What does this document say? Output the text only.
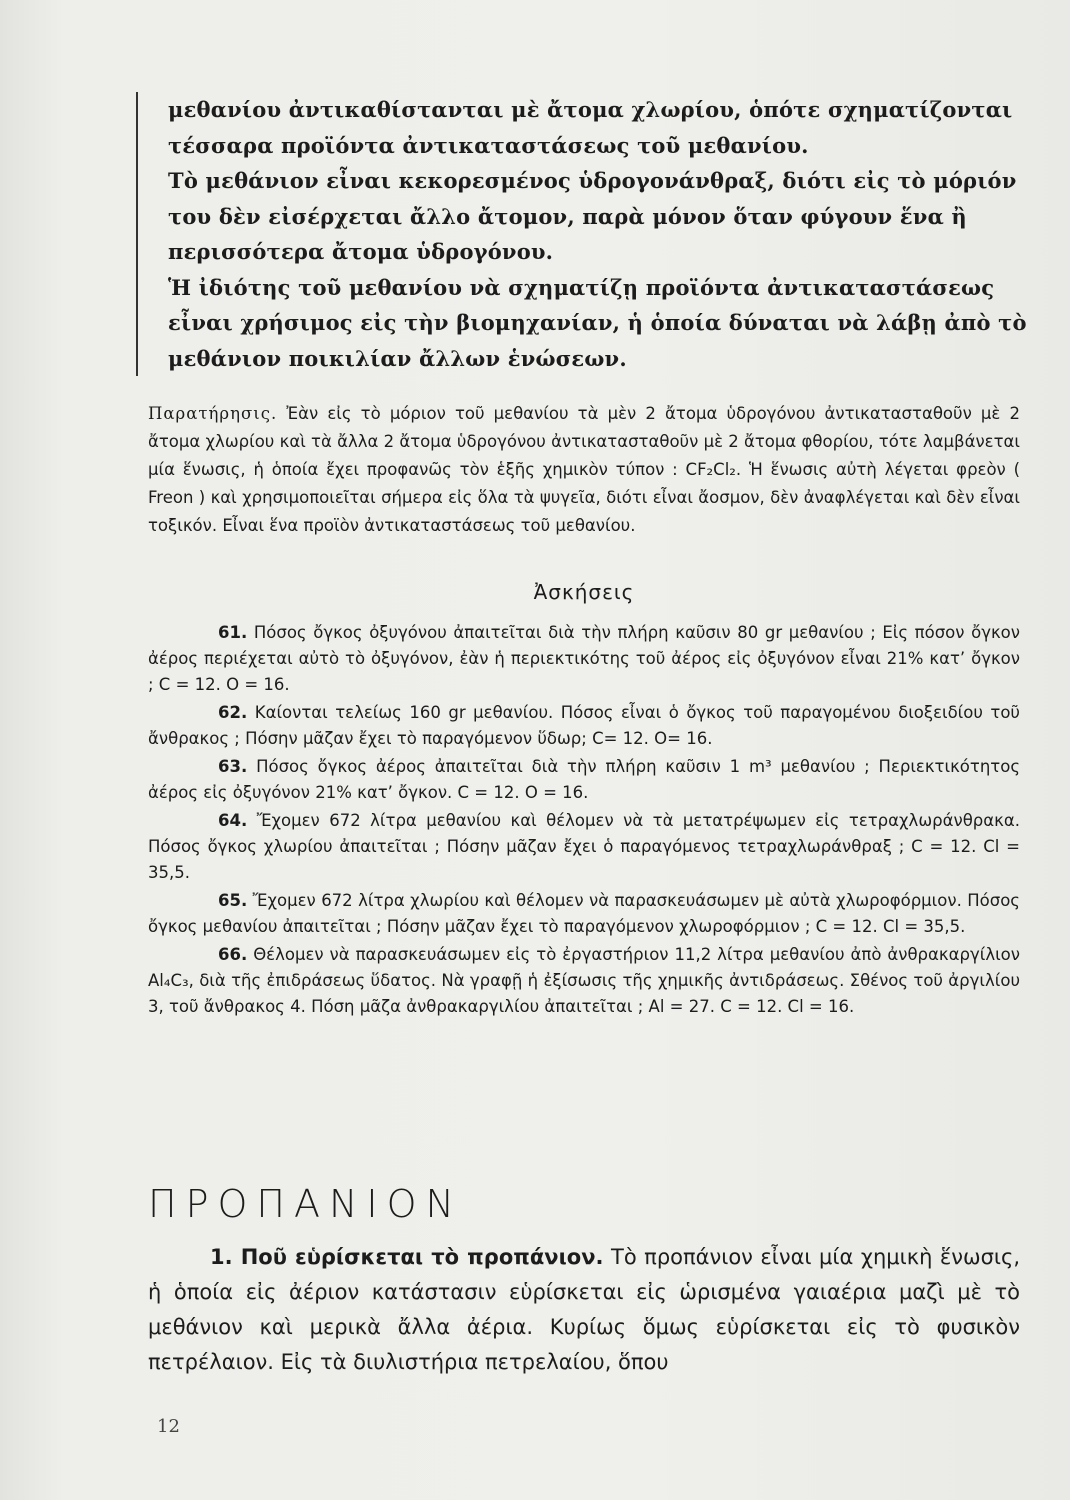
μεθανίου ἀντικαθίστανται μὲ ἄτομα χλωρίου, ὁπότε σχηματίζονται τέσσαρα προϊόντα ἀντικαταστάσεως τοῦ μεθανίου.

Τὸ μεθάνιον εἶναι κεκορεσμένος ὑδρογονάνθραξ, διότι εἰς τὸ μόριόν του δὲν εἰσέρχεται ἄλλο ἄτομον, παρὰ μόνον ὅταν φύγουν ἕνα ἢ περισσότερα ἄτομα ὑδρογόνου.

Ἡ ἰδιότης τοῦ μεθανίου νὰ σχηματίζῃ προϊόντα ἀντικαταστάσεως εἶναι χρήσιμος εἰς τὴν βιομηχανίαν, ἡ ὁποία δύναται νὰ λάβῃ ἀπὸ τὸ μεθάνιον ποικιλίαν ἄλλων ἑνώσεων.

Παρατήρησις. Ἐὰν εἰς τὸ μόριον τοῦ μεθανίου τὰ μὲν 2 ἄτομα ὑδρογόνου ἀντικατασταθοῦν μὲ 2 ἄτομα χλωρίου καὶ τὰ ἄλλα 2 ἄτομα ὑδρογόνου ἀντικατασταθοῦν μὲ 2 ἄτομα φθορίου, τότε λαμβάνεται μία ἕνωσις, ἡ ὁποία ἔχει προφανῶς τὸν ἑξῆς χημικὸν τύπον : CF₂Cl₂. Ἡ ἕνωσις αὐτὴ λέγεται φρεὸν ( Freon ) καὶ χρησιμοποιεῖται σήμερα εἰς ὅλα τὰ ψυγεῖα, διότι εἶναι ἄοσμον, δὲν ἀναφλέγεται καὶ δὲν εἶναι τοξικόν. Εἶναι ἕνα προϊὸν ἀντικαταστάσεως τοῦ μεθανίου.
Ἀσκήσεις

61. Πόσος ὄγκος ὀξυγόνου ἀπαιτεῖται διὰ τὴν πλήρη καῦσιν 80 gr μεθανίου ; Εἰς πόσον ὄγκον ἀέρος περιέχεται αὐτὸ τὸ ὀξυγόνον, ἐὰν ἡ περιεκτικότης τοῦ ἀέρος εἰς ὀξυγόνον εἶναι 21% κατ’ ὄγκον ; C = 12. O = 16.

62. Καίονται τελείως 160 gr μεθανίου. Πόσος εἶναι ὁ ὄγκος τοῦ παραγομένου διοξειδίου τοῦ ἄνθρακος ; Πόσην μᾶζαν ἔχει τὸ παραγόμενον ὕδωρ; C= 12. O= 16.

63. Πόσος ὄγκος ἀέρος ἀπαιτεῖται διὰ τὴν πλήρη καῦσιν 1 m³ μεθανίου ; Περιεκτικότητος ἀέρος εἰς ὀξυγόνον 21% κατ’ ὄγκον. C = 12. O = 16.

64. Ἔχομεν 672 λίτρα μεθανίου καὶ θέλομεν νὰ τὰ μετατρέψωμεν εἰς τετραχλωράνθρακα. Πόσος ὄγκος χλωρίου ἀπαιτεῖται ; Πόσην μᾶζαν ἔχει ὁ παραγόμενος τετραχλωράνθραξ ; C = 12. Cl = 35,5.

65. Ἔχομεν 672 λίτρα χλωρίου καὶ θέλομεν νὰ παρασκευάσωμεν μὲ αὐτὰ χλωροφόρμιον. Πόσος ὄγκος μεθανίου ἀπαιτεῖται ; Πόσην μᾶζαν ἔχει τὸ παραγόμενον χλωροφόρμιον ; C = 12. Cl = 35,5.

66. Θέλομεν νὰ παρασκευάσωμεν εἰς τὸ ἐργαστήριον 11,2 λίτρα μεθανίου ἀπὸ ἀνθρακαργίλιον Al₄C₃, διὰ τῆς ἐπιδράσεως ὕδατος. Νὰ γραφῇ ἡ ἐξίσωσις τῆς χημικῆς ἀντιδράσεως. Σθένος τοῦ ἀργιλίου 3, τοῦ ἄνθρακος 4. Πόση μᾶζα ἀνθρακαργιλίου ἀπαιτεῖται ; Al = 27. C = 12. Cl = 16.

ΠΡΟΠΑΝΙΟΝ
1. Ποῦ εὑρίσκεται τὸ προπάνιον. Τὸ προπάνιον εἶναι μία χημικὴ ἕνωσις, ἡ ὁποία εἰς ἀέριον κατάστασιν εὑρίσκεται εἰς ὡρισμένα γαιαέρια μαζὶ μὲ τὸ μεθάνιον καὶ μερικὰ ἄλλα ἀέρια. Κυρίως ὅμως εὑρίσκεται εἰς τὸ φυσικὸν πετρέλαιον. Εἰς τὰ διυλιστήρια πετρελαίου, ὅπου
12
